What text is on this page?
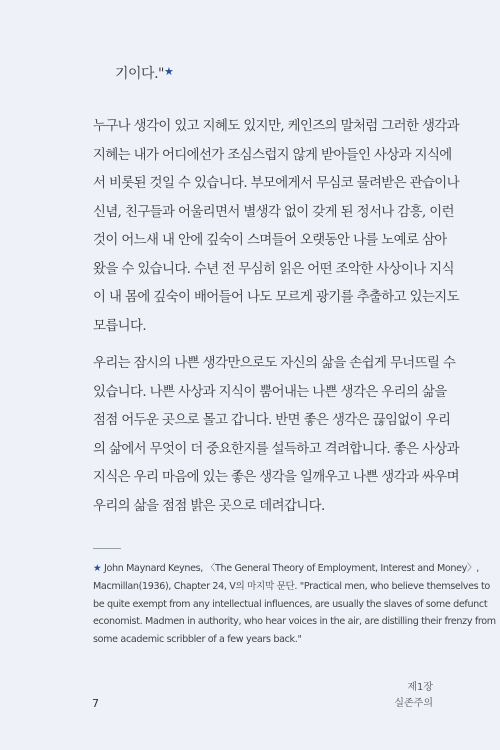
기이다."★
누구나 생각이 있고 지혜도 있지만, 케인즈의 말처럼 그러한 생각과
지혜는 내가 어디에선가 조심스럽지 않게 받아들인 사상과 지식에
서 비롯된 것일 수 있습니다. 부모에게서 무심코 물려받은 관습이나
신념, 친구들과 어울리면서 별생각 없이 갖게 된 정서나 감흥, 이런
것이 어느새 내 안에 깊숙이 스며들어 오랫동안 나를 노예로 삼아
왔을 수 있습니다. 수년 전 무심히 읽은 어떤 조악한 사상이나 지식
이 내 몸에 깊숙이 배어들어 나도 모르게 광기를 추출하고 있는지도
모릅니다.
우리는 잠시의 나쁜 생각만으로도 자신의 삶을 손쉽게 무너뜨릴 수
있습니다. 나쁜 사상과 지식이 뿜어내는 나쁜 생각은 우리의 삶을
점점 어두운 곳으로 몰고 갑니다. 반면 좋은 생각은 끊임없이 우리
의 삶에서 무엇이 더 중요한지를 설득하고 격려합니다. 좋은 사상과
지식은 우리 마음에 있는 좋은 생각을 일깨우고 나쁜 생각과 싸우며
우리의 삶을 점점 밝은 곳으로 데려갑니다.
★ John Maynard Keynes, 〈The General Theory of Employment, Interest and Money〉,
Macmillan(1936), Chapter 24, Ⅴ의 마지막 문단. "Practical men, who believe themselves to
be quite exempt from any intellectual influences, are usually the slaves of some defunct
economist. Madmen in authority, who hear voices in the air, are distilling their frenzy from
some academic scribbler of a few years back."
7
제1장
실존주의
